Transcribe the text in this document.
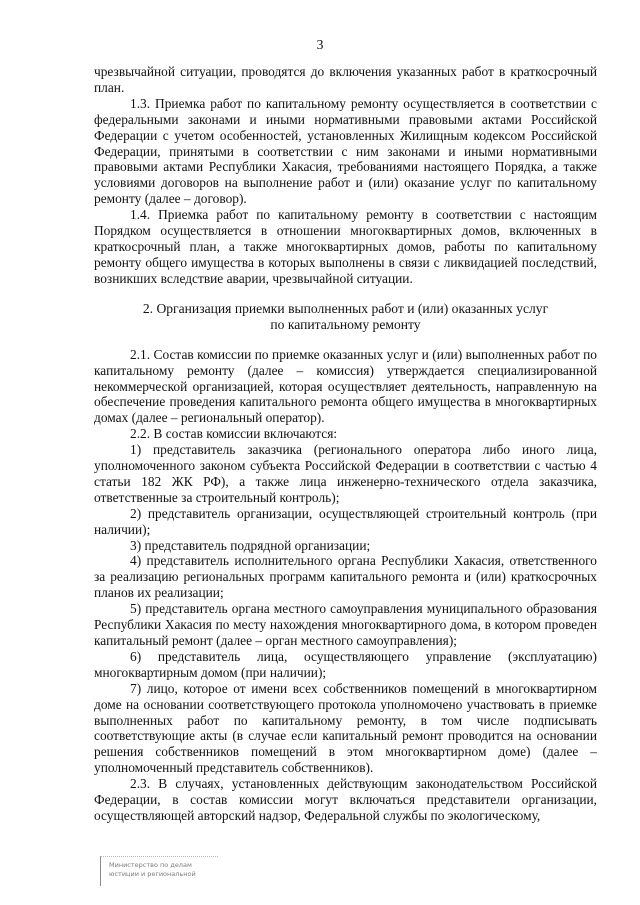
3

чрезвычайной ситуации, проводятся до включения указанных работ в краткосрочный план.

1.3. Приемка работ по капитальному ремонту осуществляется в соответствии с федеральными законами и иными нормативными правовыми актами Российской Федерации с учетом особенностей, установленных Жилищным кодексом Российской Федерации, принятыми в соответствии с ним законами и иными нормативными правовыми актами Республики Хакасия, требованиями настоящего Порядка, а также условиями договоров на выполнение работ и (или) оказание услуг по капитальному ремонту (далее – договор).

1.4. Приемка работ по капитальному ремонту в соответствии с настоящим Порядком осуществляется в отношении многоквартирных домов, включенных в краткосрочный план, а также многоквартирных домов, работы по капитальному ремонту общего имущества в которых выполнены в связи с ликвидацией последствий, возникших вследствие аварии, чрезвычайной ситуации.

2. Организация приемки выполненных работ и (или) оказанных услуг
по капитальному ремонту

2.1. Состав комиссии по приемке оказанных услуг и (или) выполненных работ по капитальному ремонту (далее – комиссия) утверждается специализированной некоммерческой организацией, которая осуществляет деятельность, направленную на обеспечение проведения капитального ремонта общего имущества в многоквартирных домах (далее – региональный оператор).

2.2. В состав комиссии включаются:

1) представитель заказчика (регионального оператора либо иного лица, уполномоченного законом субъекта Российской Федерации в соответствии с частью 4 статьи 182 ЖК РФ), а также лица инженерно-технического отдела заказчика, ответственные за строительный контроль);

2) представитель организации, осуществляющей строительный контроль (при наличии);

3) представитель подрядной организации;

4) представитель исполнительного органа Республики Хакасия, ответственного за реализацию региональных программ капитального ремонта и (или) краткосрочных планов их реализации;

5) представитель органа местного самоуправления муниципального образования Республики Хакасия по месту нахождения многоквартирного дома, в котором проведен капитальный ремонт (далее – орган местного самоуправления);

6) представитель лица, осуществляющего управление (эксплуатацию) многоквартирным домом (при наличии);

7) лицо, которое от имени всех собственников помещений в многоквартирном доме на основании соответствующего протокола уполномочено участвовать в приемке выполненных работ по капитальному ремонту, в том числе подписывать соответствующие акты (в случае если капитальный ремонт проводится на основании решения собственников помещений в этом многоквартирном доме) (далее – уполномоченный представитель собственников).

2.3. В случаях, установленных действующим законодательством Российской Федерации, в состав комиссии могут включаться представители организации, осуществляющей авторский надзор, Федеральной службы по экологическому,

Министерство по делам
юстиции и региональной
